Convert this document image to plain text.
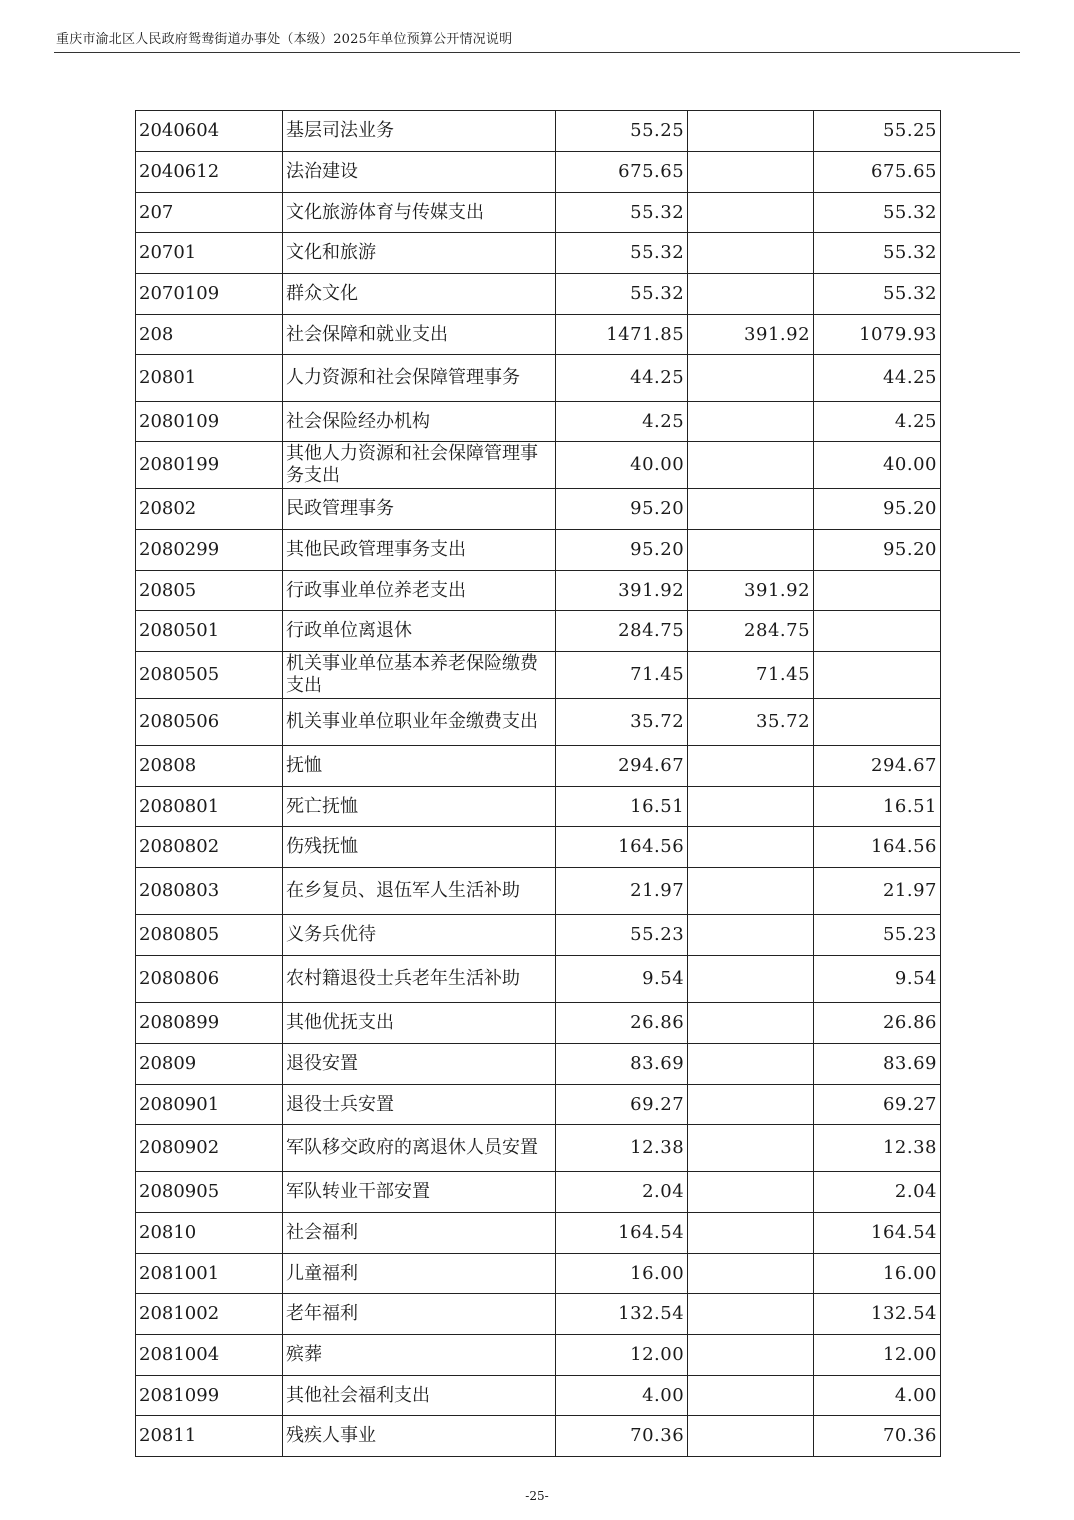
重庆市渝北区人民政府鸳鸯街道办事处（本级）2025年单位预算公开情况说明
2040604	基层司法业务	55.25		55.25
2040612	法治建设	675.65		675.65
207	文化旅游体育与传媒支出	55.32		55.32
20701	文化和旅游	55.32		55.32
2070109	群众文化	55.32		55.32
208	社会保障和就业支出	1471.85	391.92	1079.93
20801	人力资源和社会保障管理事务	44.25		44.25
2080109	社会保险经办机构	4.25		4.25
2080199	其他人力资源和社会保障管理事务支出	40.00		40.00
20802	民政管理事务	95.20		95.20
2080299	其他民政管理事务支出	95.20		95.20
20805	行政事业单位养老支出	391.92	391.92	
2080501	行政单位离退休	284.75	284.75	
2080505	机关事业单位基本养老保险缴费支出	71.45	71.45	
2080506	机关事业单位职业年金缴费支出	35.72	35.72	
20808	抚恤	294.67		294.67
2080801	死亡抚恤	16.51		16.51
2080802	伤残抚恤	164.56		164.56
2080803	在乡复员、退伍军人生活补助	21.97		21.97
2080805	义务兵优待	55.23		55.23
2080806	农村籍退役士兵老年生活补助	9.54		9.54
2080899	其他优抚支出	26.86		26.86
20809	退役安置	83.69		83.69
2080901	退役士兵安置	69.27		69.27
2080902	军队移交政府的离退休人员安置	12.38		12.38
2080905	军队转业干部安置	2.04		2.04
20810	社会福利	164.54		164.54
2081001	儿童福利	16.00		16.00
2081002	老年福利	132.54		132.54
2081004	殡葬	12.00		12.00
2081099	其他社会福利支出	4.00		4.00
20811	残疾人事业	70.36		70.36
-25-
